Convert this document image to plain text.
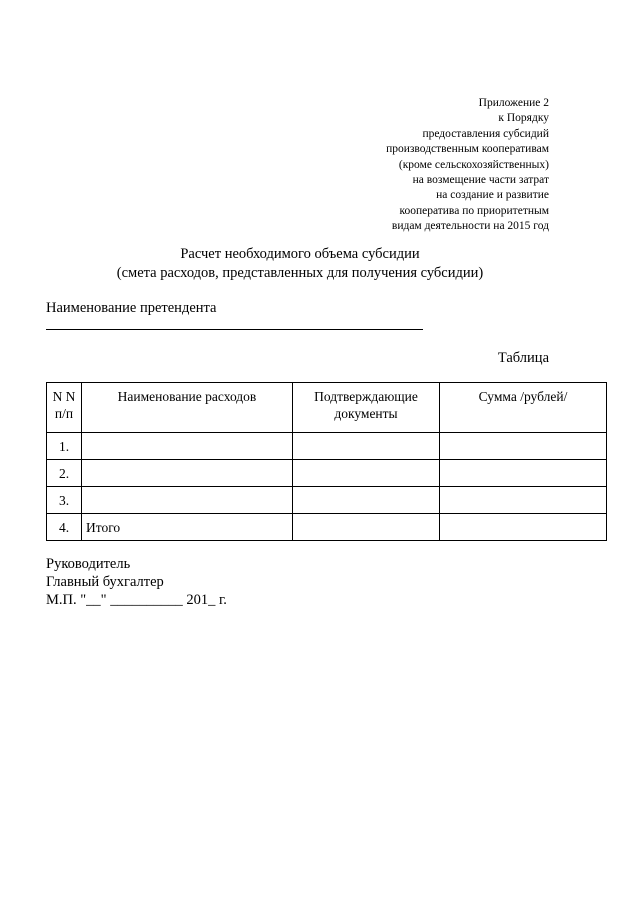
Приложение 2
к Порядку
предоставления субсидий
производственным кооперативам
(кроме сельскохозяйственных)
на возмещение части затрат
на создание и развитие
кооператива по приоритетным
видам деятельности на 2015 год
Расчет необходимого объема субсидии
(смета расходов, представленных для получения субсидии)
Наименование претендента
Таблица
N N п/п	Наименование расходов	Подтверждающие документы	Сумма /рублей/
1.			
2.			
3.			
4.	Итого		
Руководитель
Главный бухгалтер
М.П. "__" __________ 201_ г.
